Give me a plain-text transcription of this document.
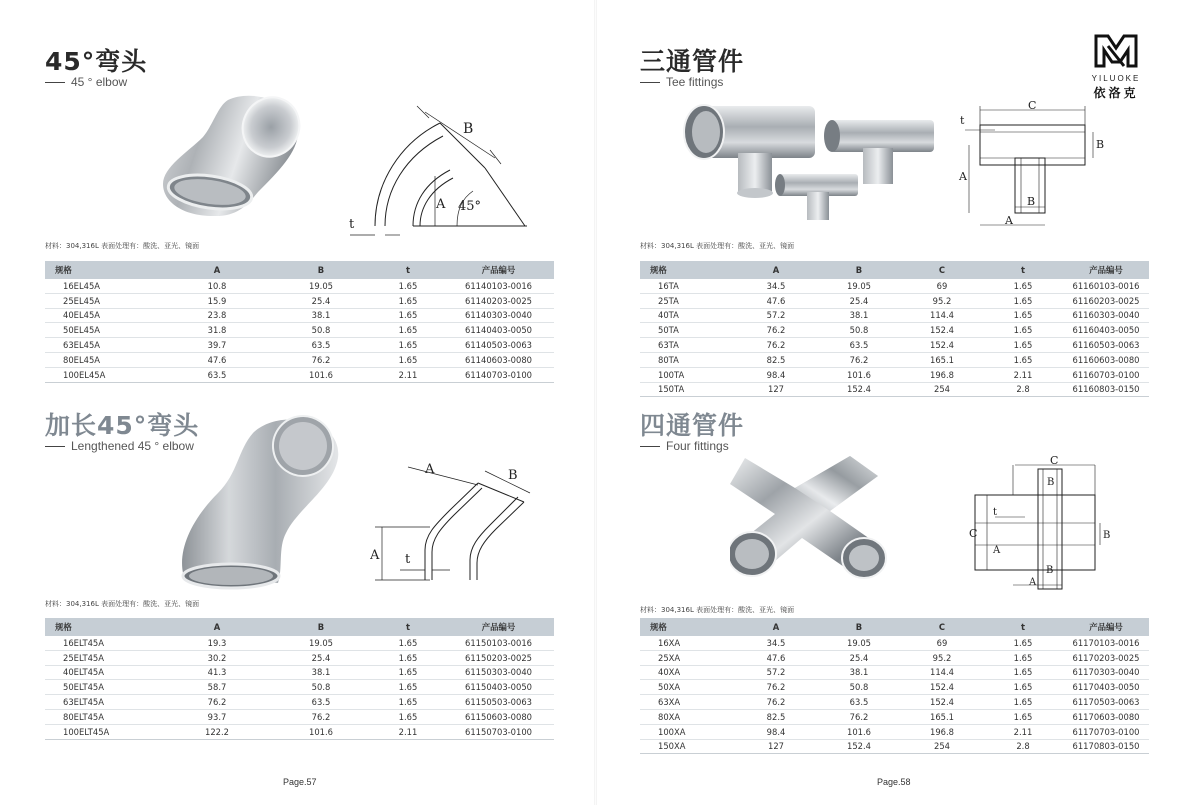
45°弯头
45 ° elbow
B
A 45°
t
材料：304,316L 表面处理有：酸洗、亚光、镜面
规格	A	B	t	产品编号
16EL45A	10.8	19.05	1.65	61140103-0016
25EL45A	15.9	25.4	1.65	61140203-0025
40EL45A	23.8	38.1	1.65	61140303-0040
50EL45A	31.8	50.8	1.65	61140403-0050
63EL45A	39.7	63.5	1.65	61140503-0063
80EL45A	47.6	76.2	1.65	61140603-0080
100EL45A	63.5	101.6	2.11	61140703-0100
加长45°弯头
Lengthened 45 ° elbow
A	B
A t
材料：304,316L 表面处理有：酸洗、亚光、镜面
规格	A	B	t	产品编号
16ELT45A	19.3	19.05	1.65	61150103-0016
25ELT45A	30.2	25.4	1.65	61150203-0025
40ELT45A	41.3	38.1	1.65	61150303-0040
50ELT45A	58.7	50.8	1.65	61150403-0050
63ELT45A	76.2	63.5	1.65	61150503-0063
80ELT45A	93.7	76.2	1.65	61150603-0080
100ELT45A	122.2	101.6	2.11	61150703-0100
Page.57
三通管件
Tee fittings	YILUOKE
依洛克
C
B
A
B
A
t
材料：304,316L 表面处理有：酸洗、亚光、镜面
规格	A	B	C	t	产品编号
16TA	34.5	19.05	69	1.65	61160103-0016
25TA	47.6	25.4	95.2	1.65	61160203-0025
40TA	57.2	38.1	114.4	1.65	61160303-0040
50TA	76.2	50.8	152.4	1.65	61160403-0050
63TA	76.2	63.5	152.4	1.65	61160503-0063
80TA	82.5	76.2	165.1	1.65	61160603-0080
100TA	98.4	101.6	196.8	2.11	61160703-0100
150TA	127	152.4	254	2.8	61160803-0150
四通管件
Four fittings
C
B
B
C
t
A
B
A
材料：304,316L 表面处理有：酸洗、亚光、镜面
规格	A	B	C	t	产品编号
16XA	34.5	19.05	69	1.65	61170103-0016
25XA	47.6	25.4	95.2	1.65	61170203-0025
40XA	57.2	38.1	114.4	1.65	61170303-0040
50XA	76.2	50.8	152.4	1.65	61170403-0050
63XA	76.2	63.5	152.4	1.65	61170503-0063
80XA	82.5	76.2	165.1	1.65	61170603-0080
100XA	98.4	101.6	196.8	2.11	61170703-0100
150XA	127	152.4	254	2.8	61170803-0150
Page.58
